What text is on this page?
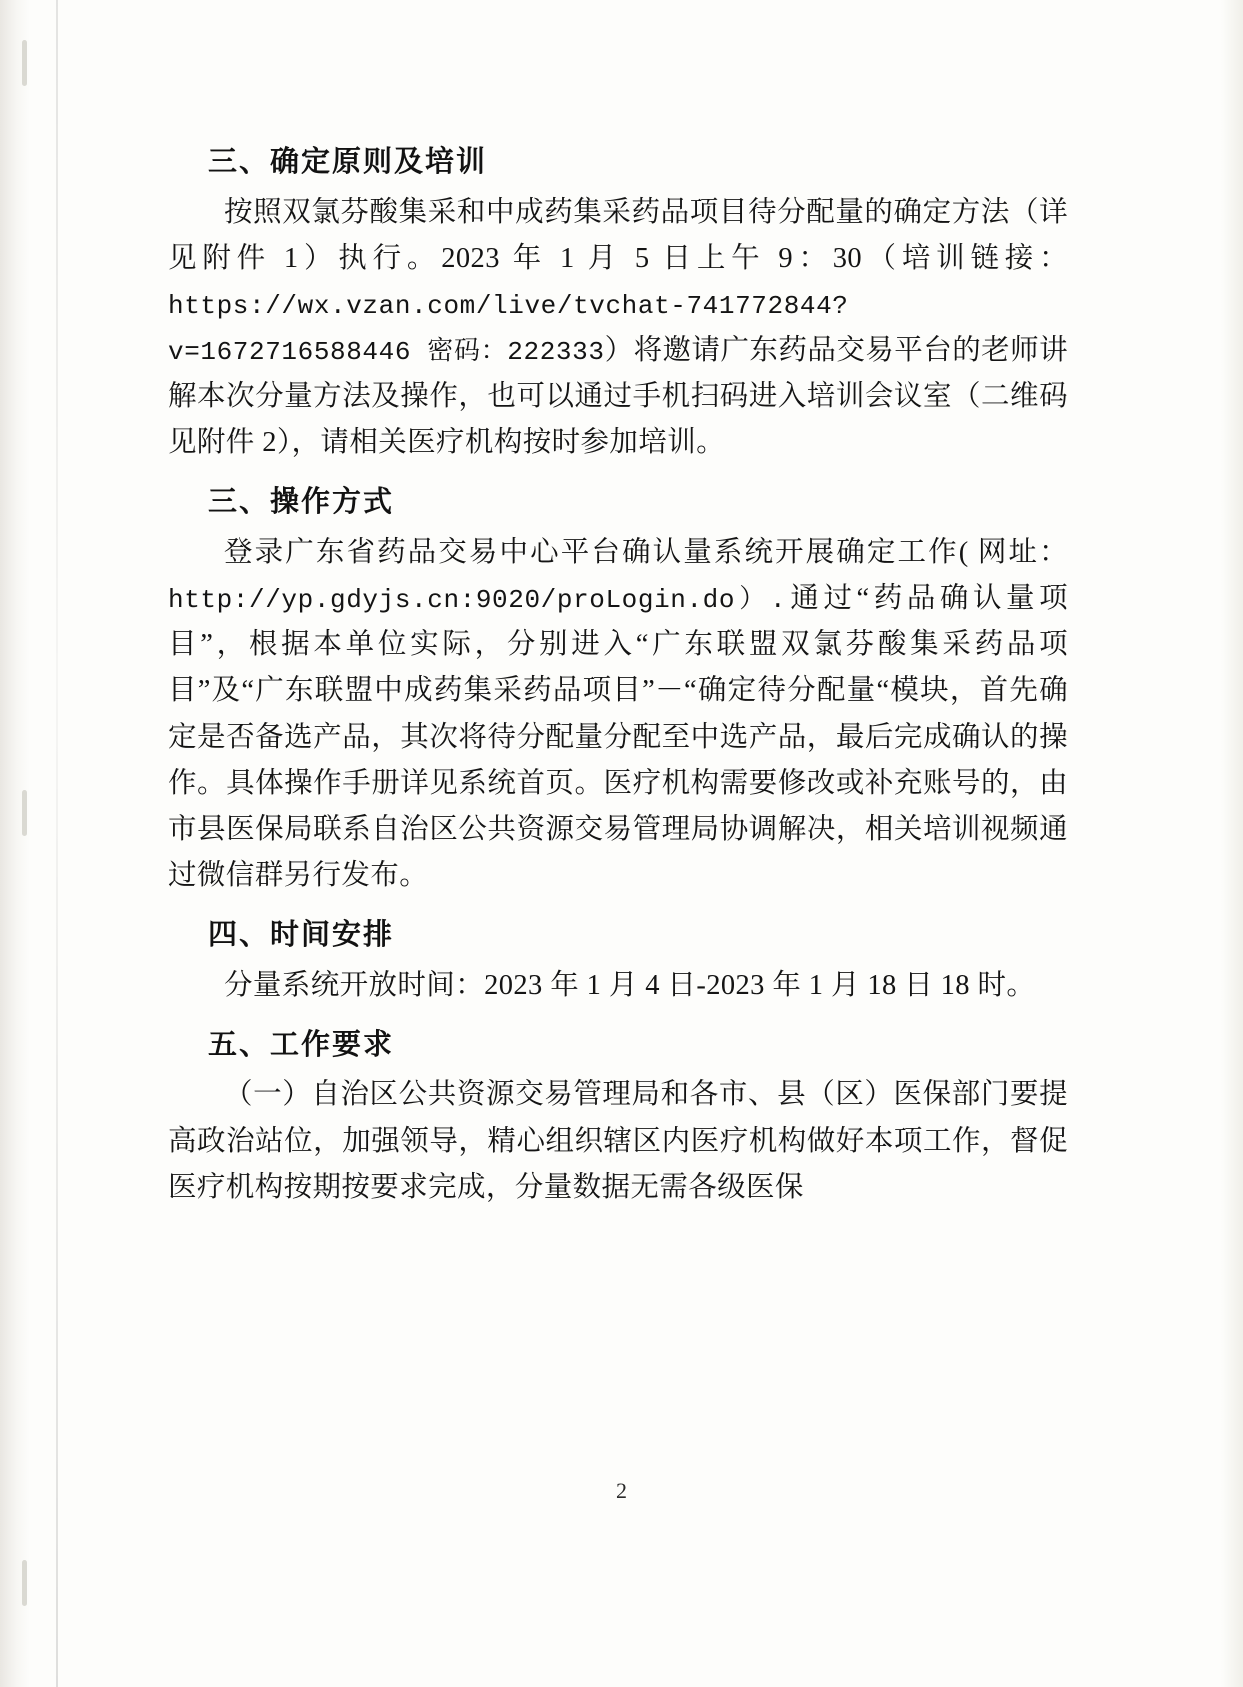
三、确定原则及培训

按照双氯芬酸集采和中成药集采药品项目待分配量的确定方法（详见附件 1）执行。2023 年 1 月 5 日上午 9：30（培训链接：https://wx.vzan.com/live/tvchat-741772844?v=1672716588446 密码：222333）将邀请广东药品交易平台的老师讲解本次分量方法及操作，也可以通过手机扫码进入培训会议室（二维码见附件 2），请相关医疗机构按时参加培训。

三、操作方式

登录广东省药品交易中心平台确认量系统开展确定工作( 网址：http://yp.gdyjs.cn:9020/proLogin.do）.通过“药品确认量项目”，根据本单位实际，分别进入“广东联盟双氯芬酸集采药品项目”及“广东联盟中成药集采药品项目”－“确定待分配量“模块，首先确定是否备选产品，其次将待分配量分配至中选产品，最后完成确认的操作。具体操作手册详见系统首页。医疗机构需要修改或补充账号的，由市县医保局联系自治区公共资源交易管理局协调解决，相关培训视频通过微信群另行发布。

四、时间安排

分量系统开放时间：2023 年 1 月 4 日-2023 年 1 月 18 日 18 时。

五、工作要求

（一）自治区公共资源交易管理局和各市、县（区）医保部门要提高政治站位，加强领导，精心组织辖区内医疗机构做好本项工作，督促医疗机构按期按要求完成，分量数据无需各级医保

2
